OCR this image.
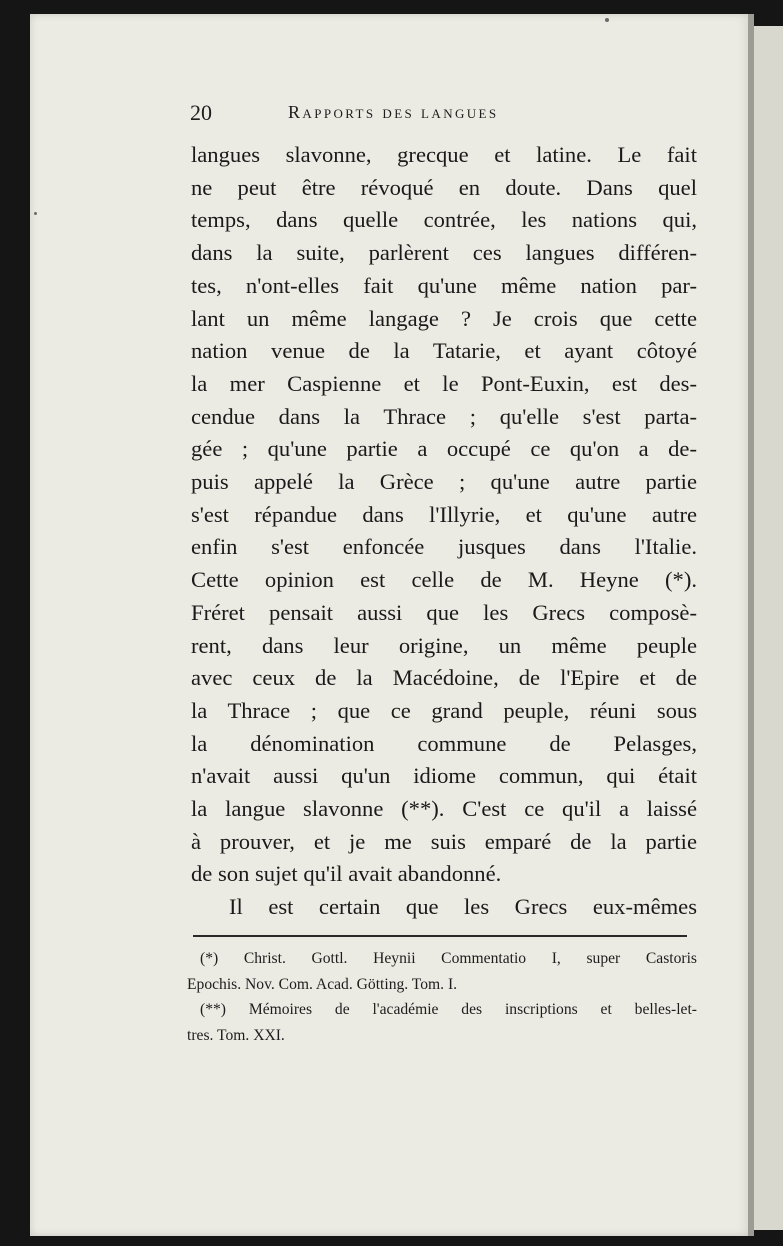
20	Rapports des langues
langues slavonne, grecque et latine. Le fait
ne peut être révoqué en doute. Dans quel
temps, dans quelle contrée, les nations qui,
dans la suite, parlèrent ces langues différen-
tes, n'ont-elles fait qu'une même nation par-
lant un même langage ? Je crois que cette
nation venue de la Tatarie, et ayant côtoyé
la mer Caspienne et le Pont-Euxin, est des-
cendue dans la Thrace ; qu'elle s'est parta-
gée ; qu'une partie a occupé ce qu'on a de-
puis appelé la Grèce ; qu'une autre partie
s'est répandue dans l'Illyrie, et qu'une autre
enfin s'est enfoncée jusques dans l'Italie.
Cette opinion est celle de M. Heyne (*).
Fréret pensait aussi que les Grecs composè-
rent, dans leur origine, un même peuple
avec ceux de la Macédoine, de l'Epire et de
la Thrace ; que ce grand peuple, réuni sous
la dénomination commune de Pelasges,
n'avait aussi qu'un idiome commun, qui était
la langue slavonne (**). C'est ce qu'il a laissé
à prouver, et je me suis emparé de la partie
de son sujet qu'il avait abandonné.
Il est certain que les Grecs eux-mêmes
(*) Christ. Gottl. Heynii Commentatio I, super Castoris
Epochis. Nov. Com. Acad. Götting. Tom. I.
(**) Mémoires de l'académie des inscriptions et belles-let-
tres. Tom. XXI.
